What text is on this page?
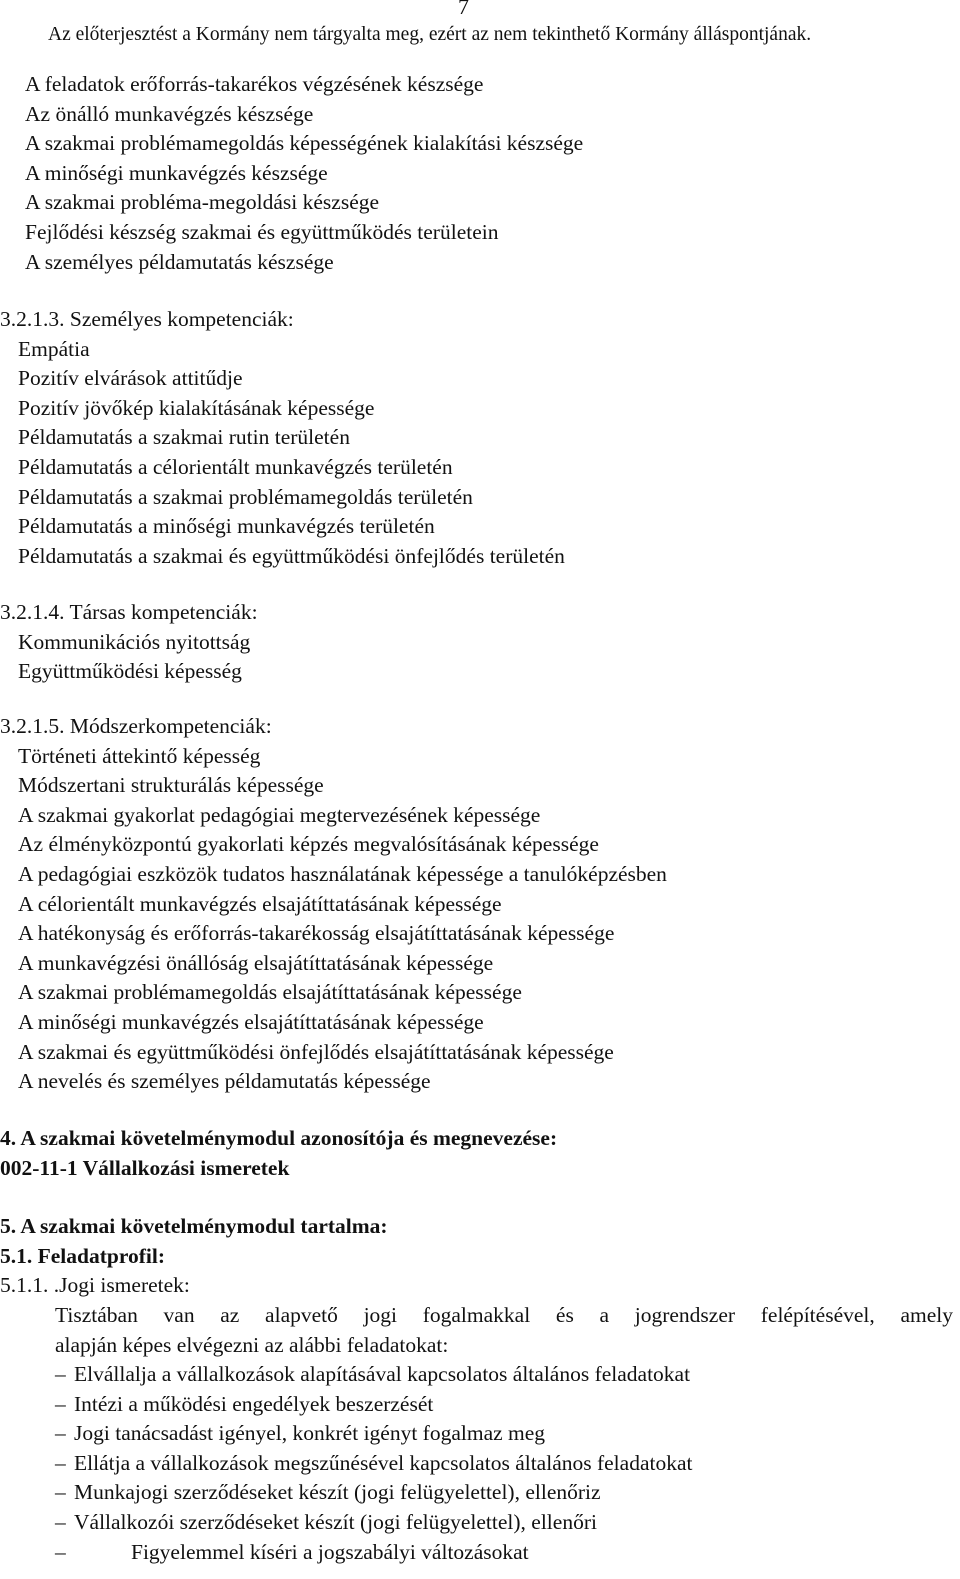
7
Az előterjesztést a Kormány nem tárgyalta meg, ezért az nem tekinthető Kormány álláspontjának.
A feladatok erőforrás-takarékos végzésének készsége
Az önálló munkavégzés készsége
A szakmai problémamegoldás képességének kialakítási készsége
A minőségi munkavégzés készsége
A szakmai probléma-megoldási készsége
Fejlődési készség szakmai és együttműködés területein
A személyes példamutatás készsége
3.2.1.3. Személyes kompetenciák:
Empátia
Pozitív elvárások attitűdje
Pozitív jövőkép kialakításának képessége
Példamutatás a szakmai rutin területén
Példamutatás a célorientált munkavégzés területén
Példamutatás a szakmai problémamegoldás területén
Példamutatás a minőségi munkavégzés területén
Példamutatás a szakmai és együttműködési önfejlődés területén
3.2.1.4. Társas kompetenciák:
Kommunikációs nyitottság
Együttműködési képesség
3.2.1.5. Módszerkompetenciák:
Történeti áttekintő képesség
Módszertani strukturálás képessége
A szakmai gyakorlat pedagógiai megtervezésének képessége
Az élményközpontú gyakorlati képzés megvalósításának képessége
A pedagógiai eszközök tudatos használatának képessége a tanulóképzésben
A célorientált munkavégzés elsajátíttatásának képessége
A hatékonyság és erőforrás-takarékosság elsajátíttatásának képessége
A munkavégzési önállóság elsajátíttatásának képessége
A szakmai problémamegoldás elsajátíttatásának képessége
A minőségi munkavégzés elsajátíttatásának képessége
A szakmai és együttműködési önfejlődés elsajátíttatásának képessége
A nevelés és személyes példamutatás képessége
4. A szakmai követelménymodul azonosítója és megnevezése:
002-11-1 Vállalkozási ismeretek
5. A szakmai követelménymodul tartalma:
5.1. Feladatprofil:
5.1.1. .Jogi ismeretek:
Tisztában van az alapvető jogi fogalmakkal és a jogrendszer felépítésével, amely
alapján képes elvégezni az alábbi feladatokat:
– Elvállalja a vállalkozások alapításával kapcsolatos általános feladatokat
– Intézi a működési engedélyek beszerzését
– Jogi tanácsadást igényel, konkrét igényt fogalmaz meg
– Ellátja a vállalkozások megszűnésével kapcsolatos általános feladatokat
– Munkajogi szerződéseket készít (jogi felügyelettel), ellenőriz
– Vállalkozói szerződéseket készít (jogi felügyelettel), ellenőri
–	Figyelemmel kíséri a jogszabályi változásokat
